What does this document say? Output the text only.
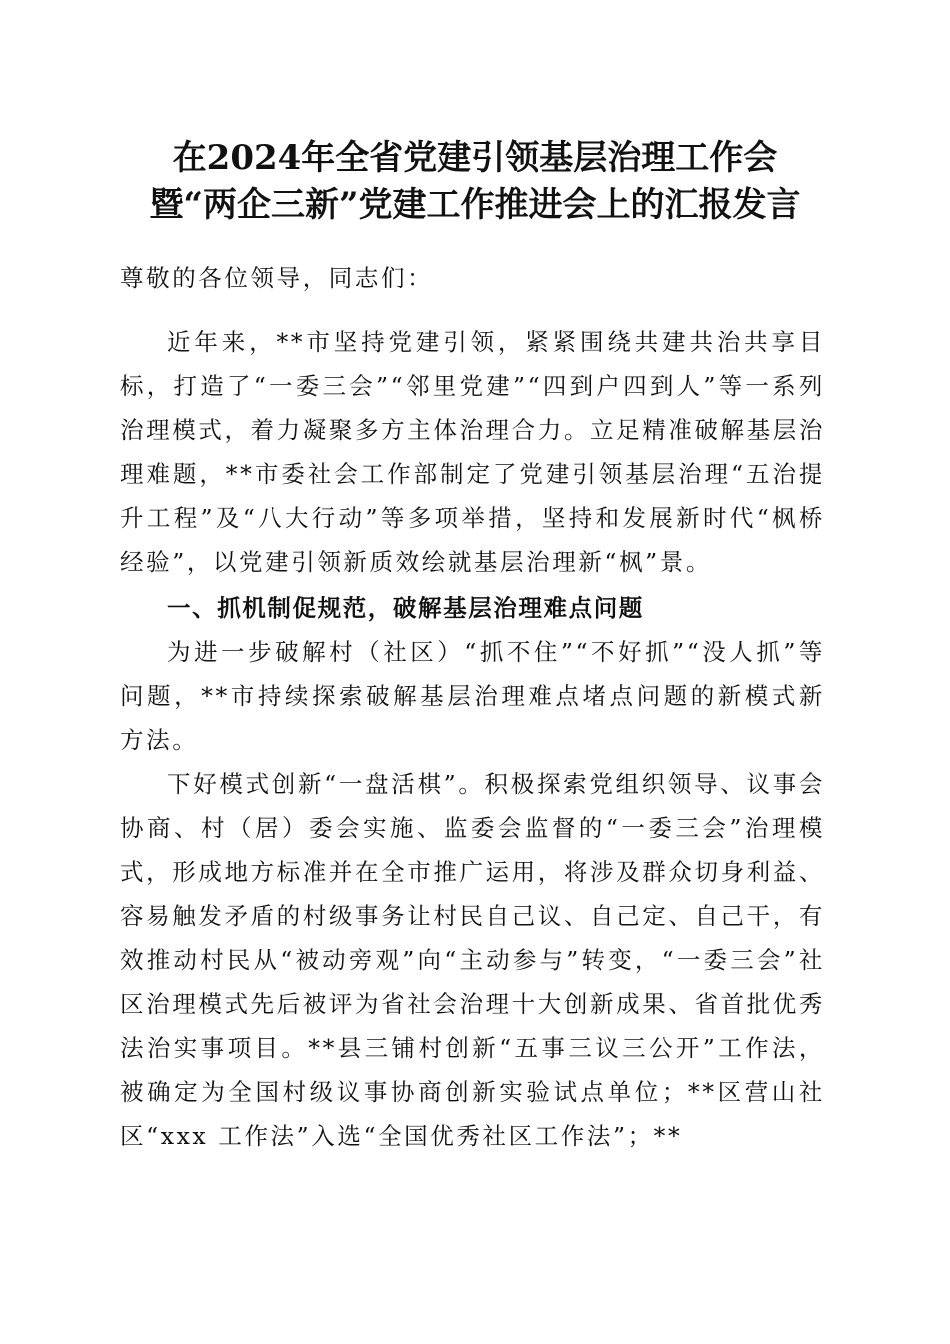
在2024年全省党建引领基层治理工作会
暨“两企三新”党建工作推进会上的汇报发言
尊敬的各位领导，同志们：

近年来，**市坚持党建引领，紧紧围绕共建共治共享目标，打造了“一委三会”“邻里党建”“四到户四到人”等一系列治理模式，着力凝聚多方主体治理合力。立足精准破解基层治理难题，**市委社会工作部制定了党建引领基层治理“五治提升工程”及“八大行动”等多项举措，坚持和发展新时代“枫桥经验”，以党建引领新质效绘就基层治理新“枫”景。

一、抓机制促规范，破解基层治理难点问题

为进一步破解村（社区）“抓不住”“不好抓”“没人抓”等问题，**市持续探索破解基层治理难点堵点问题的新模式新方法。

下好模式创新“一盘活棋”。积极探索党组织领导、议事会协商、村（居）委会实施、监委会监督的“一委三会”治理模式，形成地方标准并在全市推广运用，将涉及群众切身利益、容易触发矛盾的村级事务让村民自己议、自己定、自己干，有效推动村民从“被动旁观”向“主动参与”转变，“一委三会”社区治理模式先后被评为省社会治理十大创新成果、省首批优秀法治实事项目。**县三铺村创新“五事三议三公开”工作法，被确定为全国村级议事协商创新实验试点单位；**区营山社区“xxx 工作法”入选“全国优秀社区工作法”；**
